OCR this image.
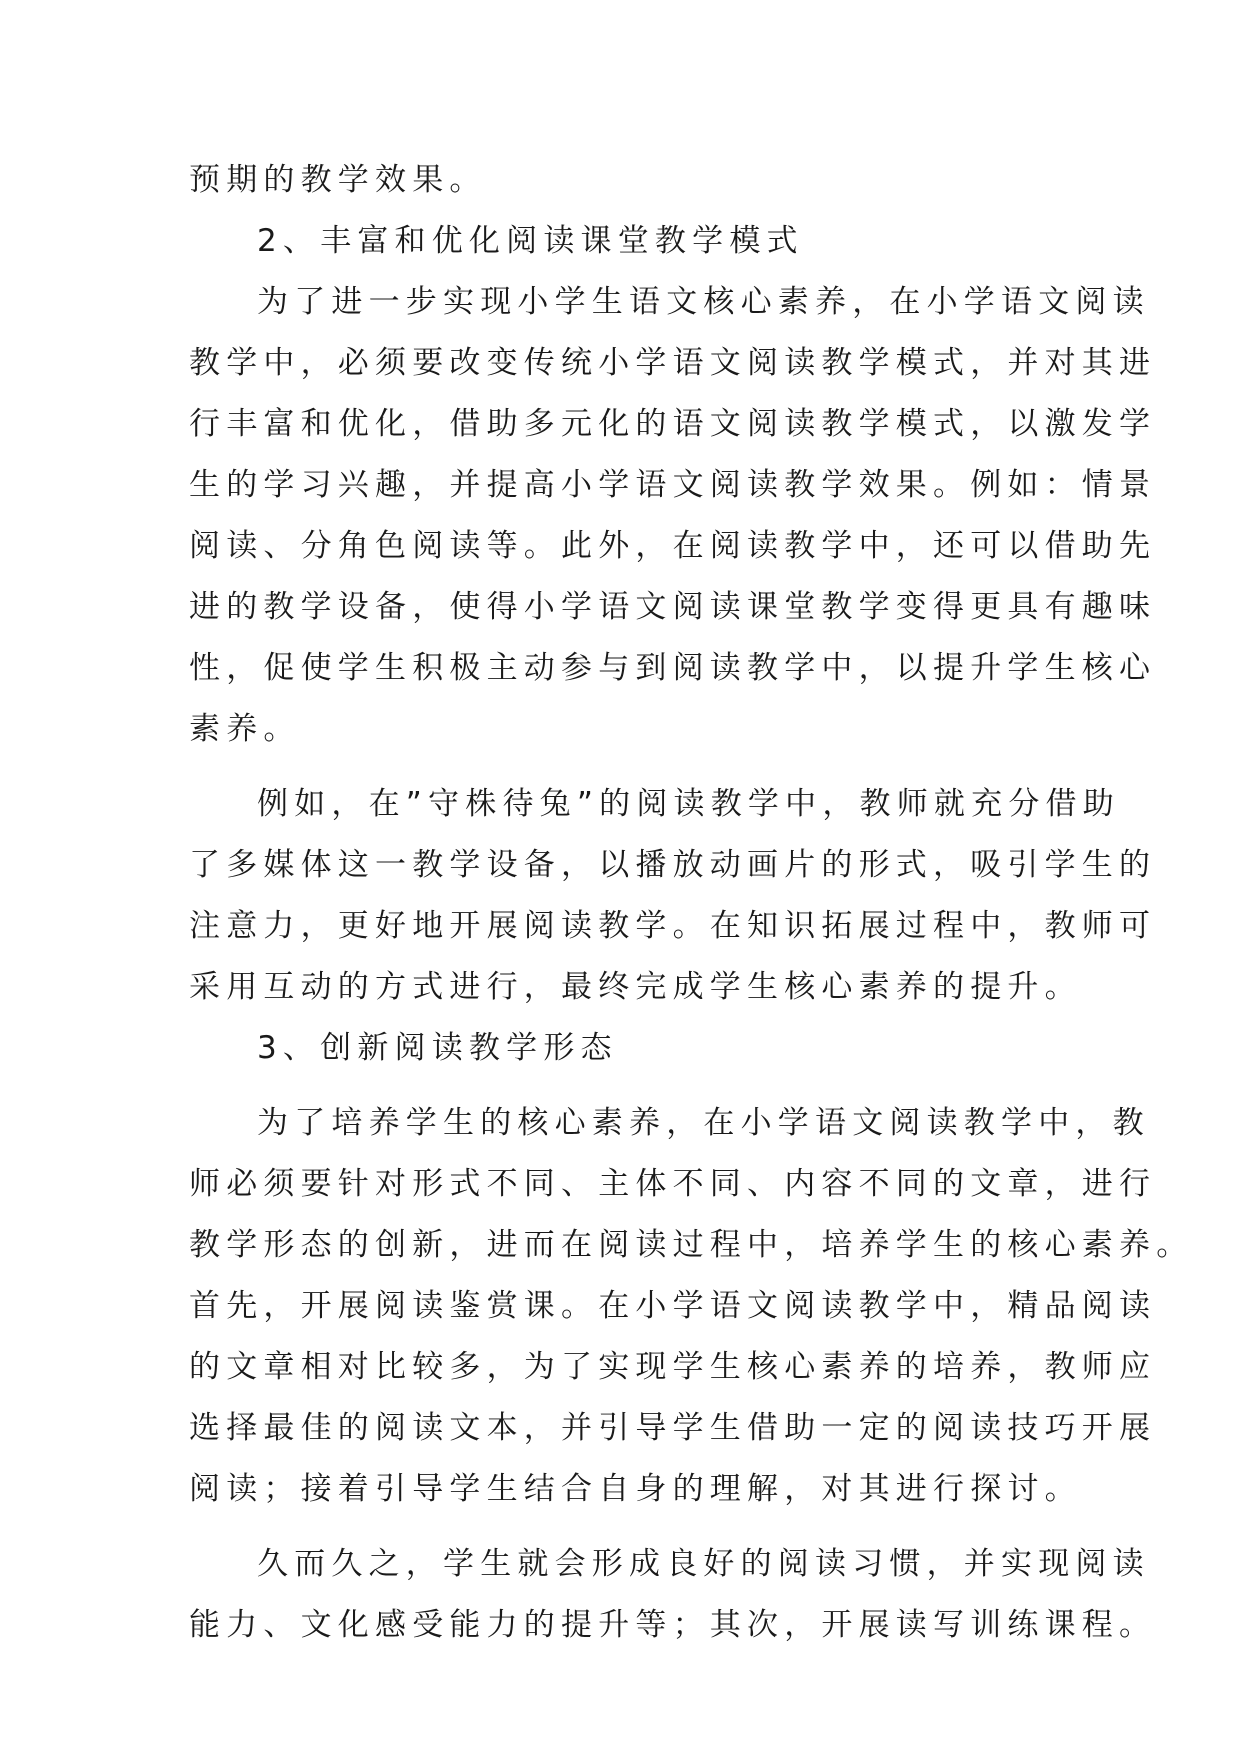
预期的教学效果。
2、丰富和优化阅读课堂教学模式
为了进一步实现小学生语文核心素养，在小学语文阅读
教学中，必须要改变传统小学语文阅读教学模式，并对其进
行丰富和优化，借助多元化的语文阅读教学模式，以激发学
生的学习兴趣，并提高小学语文阅读教学效果。例如：情景
阅读、分角色阅读等。此外，在阅读教学中，还可以借助先
进的教学设备，使得小学语文阅读课堂教学变得更具有趣味
性，促使学生积极主动参与到阅读教学中，以提升学生核心
素养。
例如，在”守株待兔”的阅读教学中，教师就充分借助
了多媒体这一教学设备，以播放动画片的形式，吸引学生的
注意力，更好地开展阅读教学。在知识拓展过程中，教师可
采用互动的方式进行，最终完成学生核心素养的提升。
3、创新阅读教学形态
为了培养学生的核心素养，在小学语文阅读教学中，教
师必须要针对形式不同、主体不同、内容不同的文章，进行
教学形态的创新，进而在阅读过程中，培养学生的核心素养。
首先，开展阅读鉴赏课。在小学语文阅读教学中，精品阅读
的文章相对比较多，为了实现学生核心素养的培养，教师应
选择最佳的阅读文本，并引导学生借助一定的阅读技巧开展
阅读；接着引导学生结合自身的理解，对其进行探讨。
久而久之，学生就会形成良好的阅读习惯，并实现阅读
能力、文化感受能力的提升等；其次，开展读写训练课程。
